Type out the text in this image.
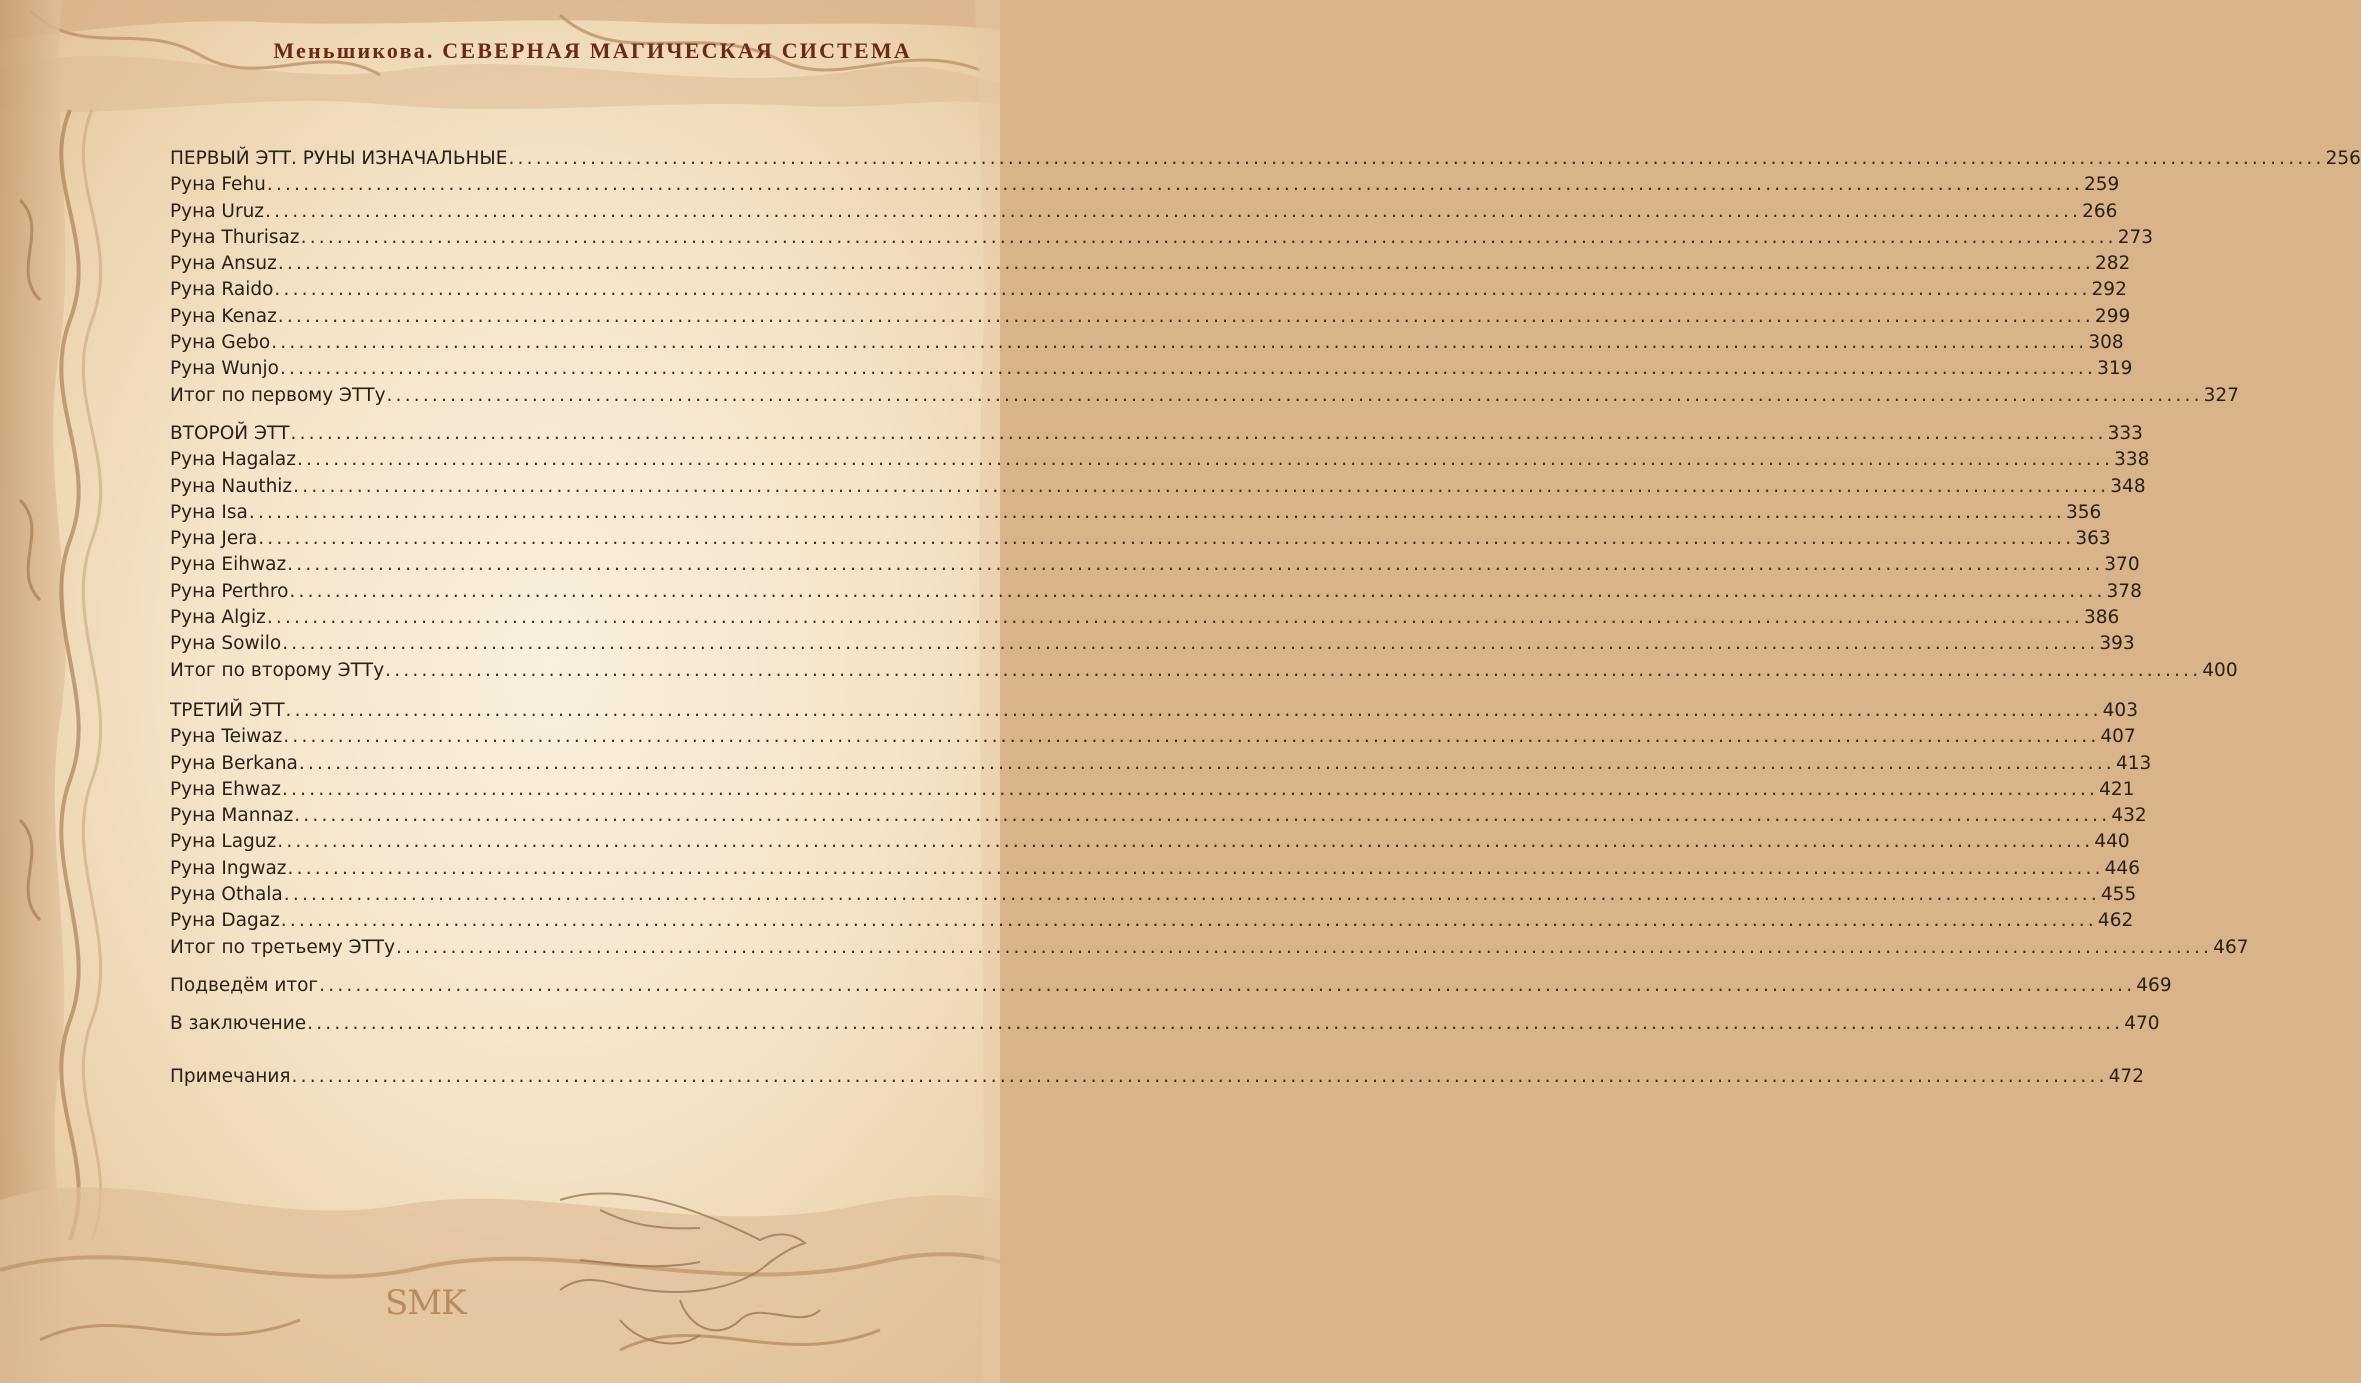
Меньшикова. СЕВЕРНАЯ МАГИЧЕСКАЯ СИСТЕМА
ПЕРВЫЙ ЭТТ. РУНЫ ИЗНАЧАЛЬНЫЕ ........................................................................................................................................................................................................ 256
Руна Fehu ........................................................................................................................................................................................................ 259
Руна Uruz ........................................................................................................................................................................................................ 266
Руна Thurisaz ........................................................................................................................................................................................................ 273
Руна Ansuz ........................................................................................................................................................................................................ 282
Руна Raido ........................................................................................................................................................................................................ 292
Руна Kenaz ........................................................................................................................................................................................................ 299
Руна Gebo ........................................................................................................................................................................................................ 308
Руна Wunjo ........................................................................................................................................................................................................ 319
Итог по первому ЭТТу ........................................................................................................................................................................................................ 327
ВТОРОЙ ЭТТ ........................................................................................................................................................................................................ 333
Руна Hagalaz ........................................................................................................................................................................................................ 338
Руна Nauthiz ........................................................................................................................................................................................................ 348
Руна Isa ........................................................................................................................................................................................................ 356
Руна Jera ........................................................................................................................................................................................................ 363
Руна Eihwaz ........................................................................................................................................................................................................ 370
Руна Perthro ........................................................................................................................................................................................................ 378
Руна Algiz ........................................................................................................................................................................................................ 386
Руна Sowilo ........................................................................................................................................................................................................ 393
Итог по второму ЭТТу ........................................................................................................................................................................................................ 400
ТРЕТИЙ ЭТТ ........................................................................................................................................................................................................ 403
Руна Teiwaz ........................................................................................................................................................................................................ 407
Руна Berkana ........................................................................................................................................................................................................ 413
Руна Ehwaz ........................................................................................................................................................................................................ 421
Руна Mannaz ........................................................................................................................................................................................................ 432
Руна Laguz ........................................................................................................................................................................................................ 440
Руна Ingwaz ........................................................................................................................................................................................................ 446
Руна Othala ........................................................................................................................................................................................................ 455
Руна Dagaz ........................................................................................................................................................................................................ 462
Итог по третьему ЭТТу ........................................................................................................................................................................................................ 467
Подведём итог ........................................................................................................................................................................................................ 469
В заключение ........................................................................................................................................................................................................ 470
Примечания ........................................................................................................................................................................................................ 472
SMK
